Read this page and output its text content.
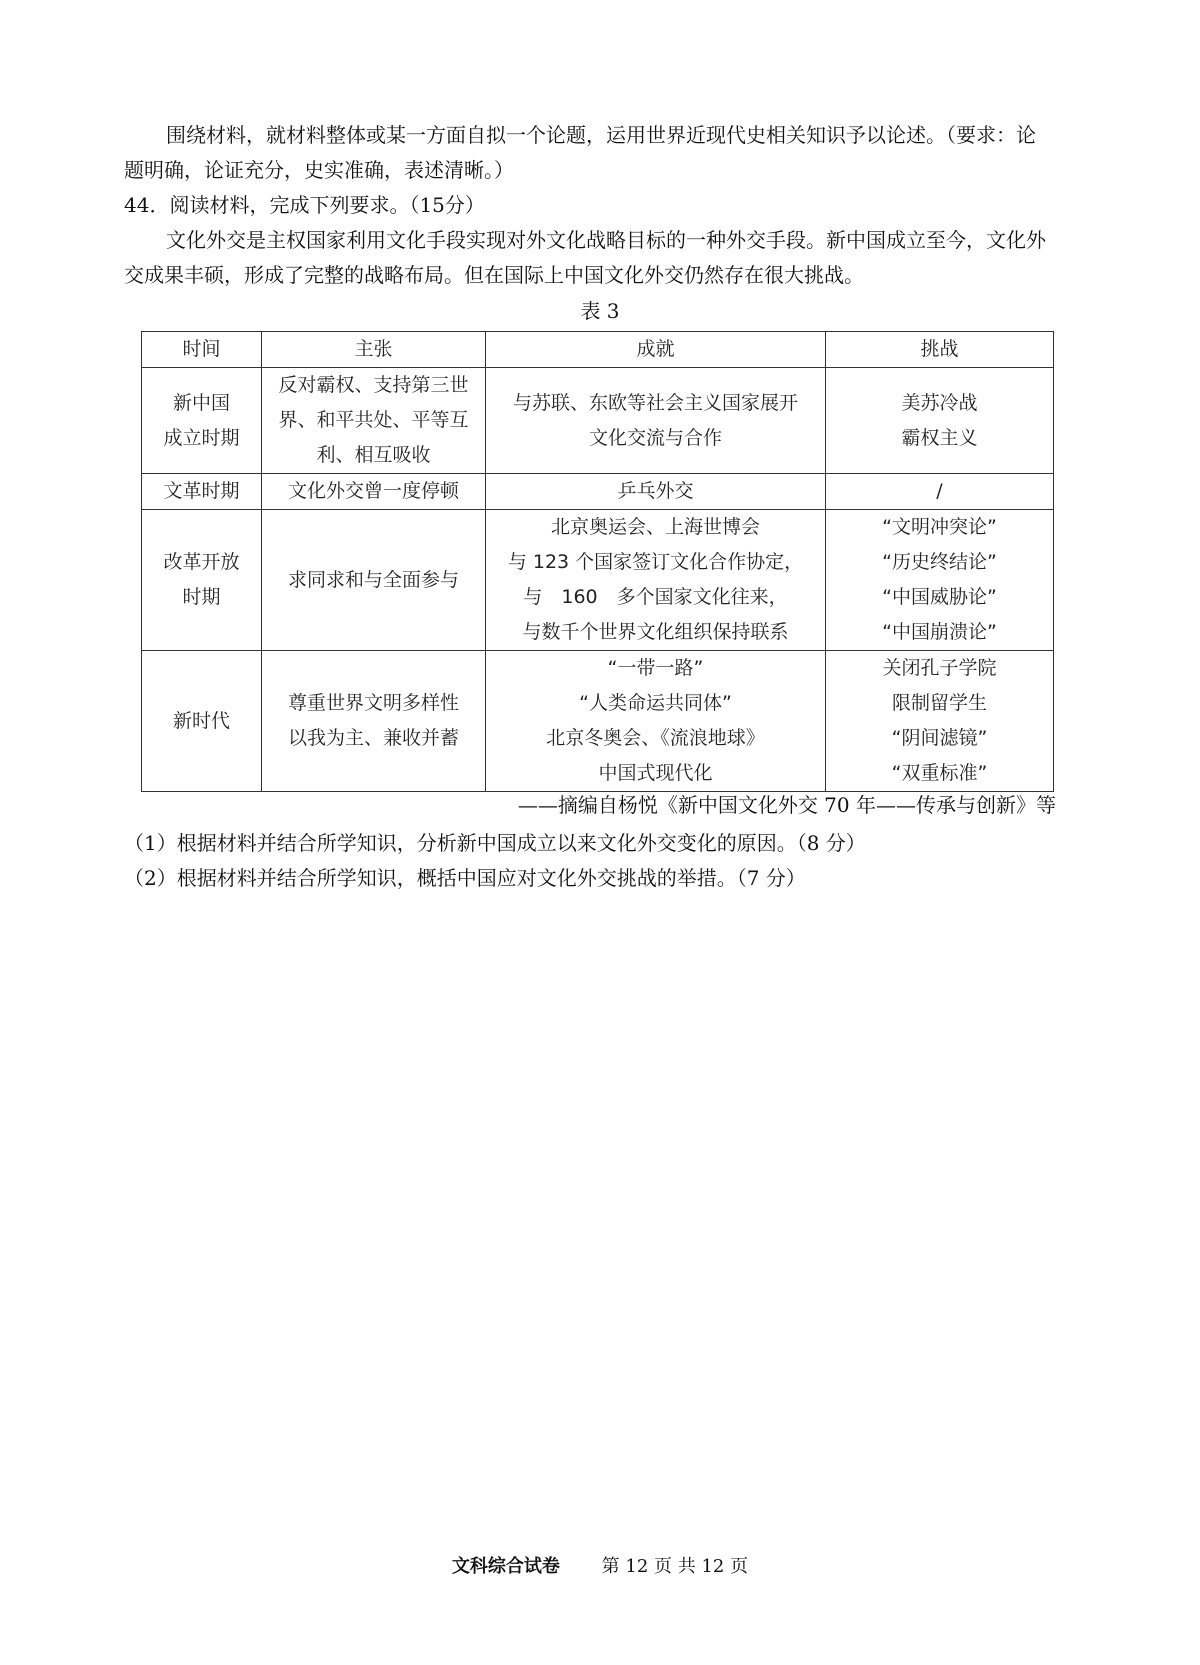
围绕材料，就材料整体或某一方面自拟一个论题，运用世界近现代史相关知识予以论述。（要求：论题明确，论证充分，史实准确，表述清晰。）

44．阅读材料，完成下列要求。（15分）

文化外交是主权国家利用文化手段实现对外文化战略目标的一种外交手段。新中国成立至今，文化外交成果丰硕，形成了完整的战略布局。但在国际上中国文化外交仍然存在很大挑战。

表 3
时间	主张	成就	挑战

新中国
成立时期	反对霸权、支持第三世
界、和平共处、平等互
利、相互吸收	与苏联、东欧等社会主义国家展开
文化交流与合作	美苏冷战
霸权主义

文革时期	文化外交曾一度停顿	乒乓外交	/

改革开放
时期	求同求和与全面参与	北京奥运会、上海世博会
与 123 个国家签订文化合作协定，
与　160　多个国家文化往来，
与数千个世界文化组织保持联系	“文明冲突论”
“历史终结论”
“中国威胁论”
“中国崩溃论”

新时代	尊重世界文明多样性
以我为主、兼收并蓄	“一带一路”
“人类命运共同体”
北京冬奥会、《流浪地球》
中国式现代化	关闭孔子学院
限制留学生
“阴间滤镜”
“双重标准”
——摘编自杨悦《新中国文化外交 70 年——传承与创新》等
（1）根据材料并结合所学知识，分析新中国成立以来文化外交变化的原因。（8 分）
（2）根据材料并结合所学知识，概括中国应对文化外交挑战的举措。（7 分）
文科综合试卷 第 12 页 共 12 页
